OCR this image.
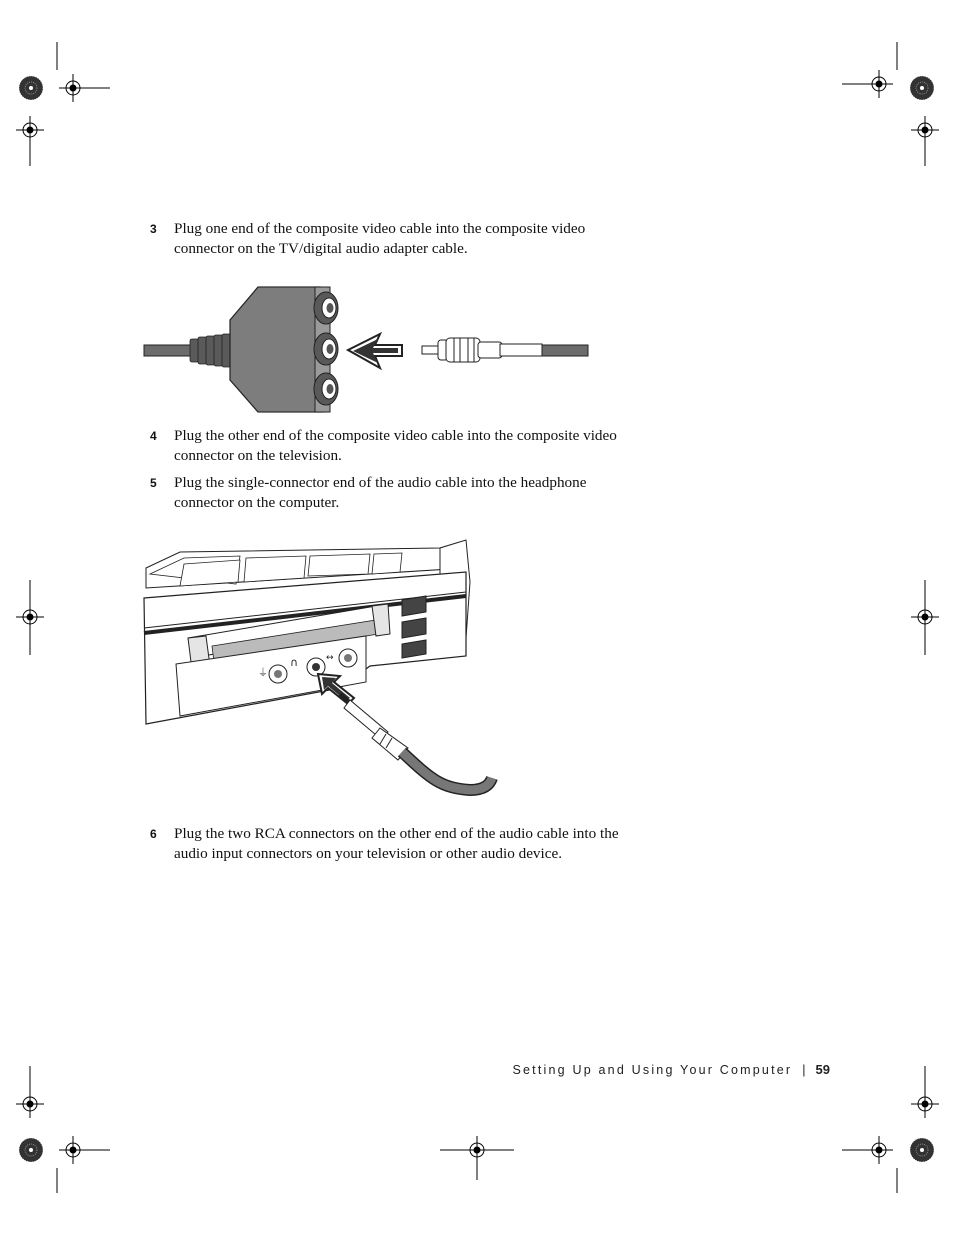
3 Plug one end of the composite video cable into the composite video connector on the TV/digital audio adapter cable.
4 Plug the other end of the composite video cable into the composite video connector on the television.
5 Plug the single-connector end of the audio cable into the headphone connector on the computer.
⏚
∩	↔
6 Plug the two RCA connectors on the other end of the audio cable into the audio input connectors on your television or other audio device.
Setting Up and Using Your Computer | 59
